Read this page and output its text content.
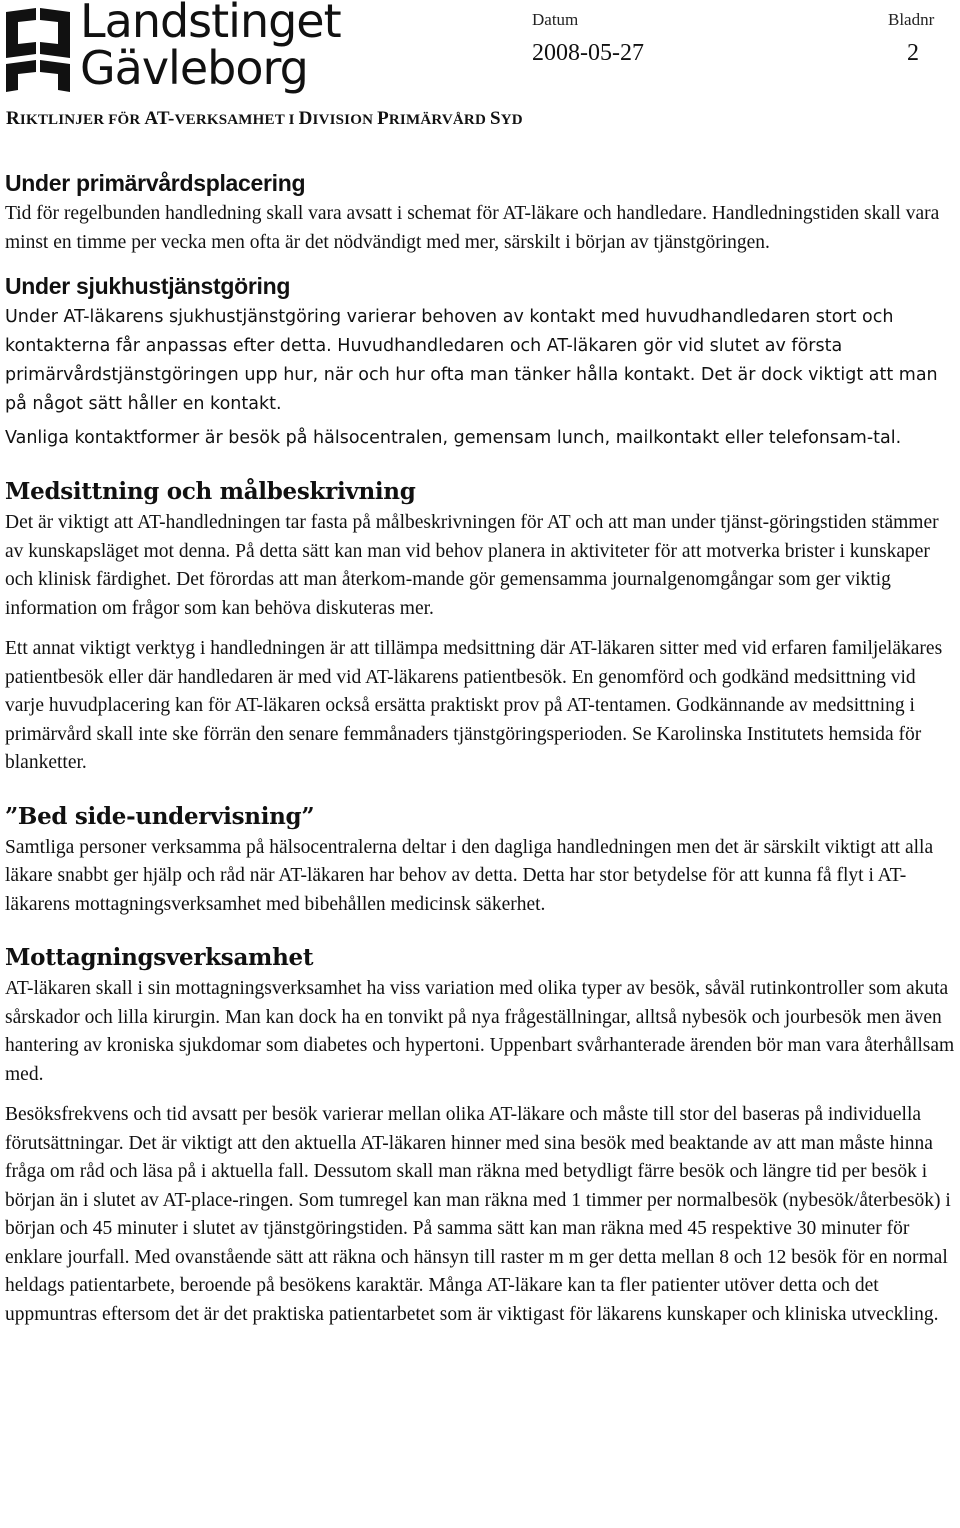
Landstinget
Gävleborg
Datum
2008-05-27
Bladnr
2
RIKTLINJER FÖR AT-VERKSAMHET I DIVISION PRIMÄRVÅRD SYD
Under primärvårdsplacering

Tid för regelbunden handledning skall vara avsatt i schemat för AT-läkare och handledare. Handledningstiden skall vara minst en timme per vecka men ofta är det nödvändigt med mer, särskilt i början av tjänstgöringen.

Under sjukhustjänstgöring

Under AT-läkarens sjukhustjänstgöring varierar behoven av kontakt med huvudhandledaren stort och kontakterna får anpassas efter detta. Huvudhandledaren och AT-läkaren gör vid slutet av första primärvårdstjänstgöringen upp hur, när och hur ofta man tänker hålla kontakt. Det är dock viktigt att man på något sätt håller en kontakt.

Vanliga kontaktformer är besök på hälsocentralen, gemensam lunch, mailkontakt eller telefonsam-tal.

Medsittning och målbeskrivning

Det är viktigt att AT-handledningen tar fasta på målbeskrivningen för AT och att man under tjänst-göringstiden stämmer av kunskapsläget mot denna. På detta sätt kan man vid behov planera in aktiviteter för att motverka brister i kunskaper och klinisk färdighet. Det förordas att man återkom-mande gör gemensamma journalgenomgångar som ger viktig information om frågor som kan behöva diskuteras mer.

Ett annat viktigt verktyg i handledningen är att tillämpa medsittning där AT-läkaren sitter med vid erfaren familjeläkares patientbesök eller där handledaren är med vid AT-läkarens patientbesök. En genomförd och godkänd medsittning vid varje huvudplacering kan för AT-läkaren också ersätta praktiskt prov på AT-tentamen. Godkännande av medsittning i primärvård skall inte ske förrän den senare femmånaders tjänstgöringsperioden. Se Karolinska Institutets hemsida för blanketter.

”Bed side-undervisning”

Samtliga personer verksamma på hälsocentralerna deltar i den dagliga handledningen men det är särskilt viktigt att alla läkare snabbt ger hjälp och råd när AT-läkaren har behov av detta. Detta har stor betydelse för att kunna få flyt i AT-läkarens mottagningsverksamhet med bibehållen medicinsk säkerhet.

Mottagningsverksamhet

AT-läkaren skall i sin mottagningsverksamhet ha viss variation med olika typer av besök, såväl rutinkontroller som akuta sårskador och lilla kirurgin. Man kan dock ha en tonvikt på nya frågeställningar, alltså nybesök och jourbesök men även hantering av kroniska sjukdomar som diabetes och hypertoni. Uppenbart svårhanterade ärenden bör man vara återhållsam med.

Besöksfrekvens och tid avsatt per besök varierar mellan olika AT-läkare och måste till stor del baseras på individuella förutsättningar. Det är viktigt att den aktuella AT-läkaren hinner med sina besök med beaktande av att man måste hinna fråga om råd och läsa på i aktuella fall. Dessutom skall man räkna med betydligt färre besök och längre tid per besök i början än i slutet av AT-place-ringen. Som tumregel kan man räkna med 1 timmer per normalbesök (nybesök/återbesök) i början och 45 minuter i slutet av tjänstgöringstiden. På samma sätt kan man räkna med 45 respektive 30 minuter för enklare jourfall. Med ovanstående sätt att räkna och hänsyn till raster m m ger detta mellan 8 och 12 besök för en normal heldags patientarbete, beroende på besökens karaktär. Många AT-läkare kan ta fler patienter utöver detta och det uppmuntras eftersom det är det praktiska patientarbetet som är viktigast för läkarens kunskaper och kliniska utveckling.
